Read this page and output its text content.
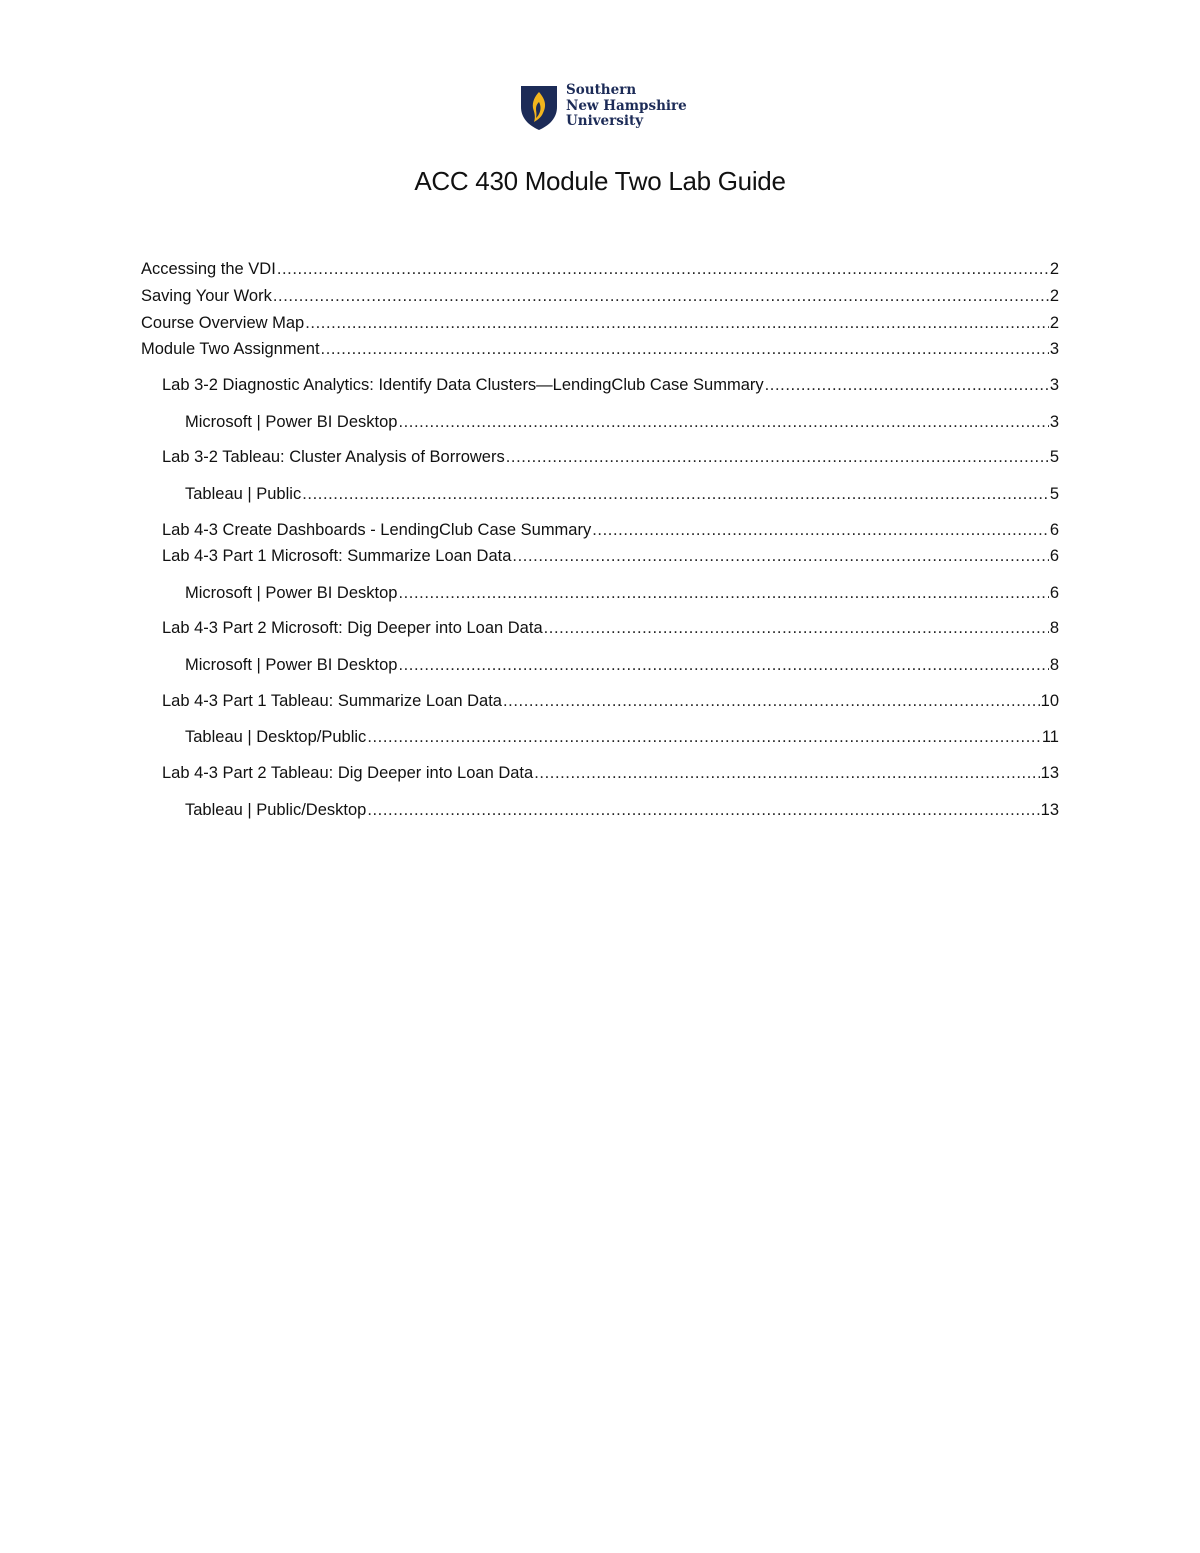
Southern
New Hampshire
University
ACC 430 Module Two Lab Guide
Accessing the VDI .....	2
Saving Your Work .....	2
Course Overview Map .....	2
Module Two Assignment .....	3
Lab 3-2 Diagnostic Analytics: Identify Data Clusters—LendingClub Case Summary .....	3
Microsoft | Power BI Desktop .....	3
Lab 3-2 Tableau: Cluster Analysis of Borrowers .....	5
Tableau | Public .....	5
Lab 4-3 Create Dashboards - LendingClub Case Summary .....	6
Lab 4-3 Part 1 Microsoft: Summarize Loan Data .....	6
Microsoft | Power BI Desktop .....	6
Lab 4-3 Part 2 Microsoft: Dig Deeper into Loan Data .....	8
Microsoft | Power BI Desktop .....	8
Lab 4-3 Part 1 Tableau: Summarize Loan Data .....	10
Tableau | Desktop/Public .....	11
Lab 4-3 Part 2 Tableau: Dig Deeper into Loan Data .....	13
Tableau | Public/Desktop .....	13
